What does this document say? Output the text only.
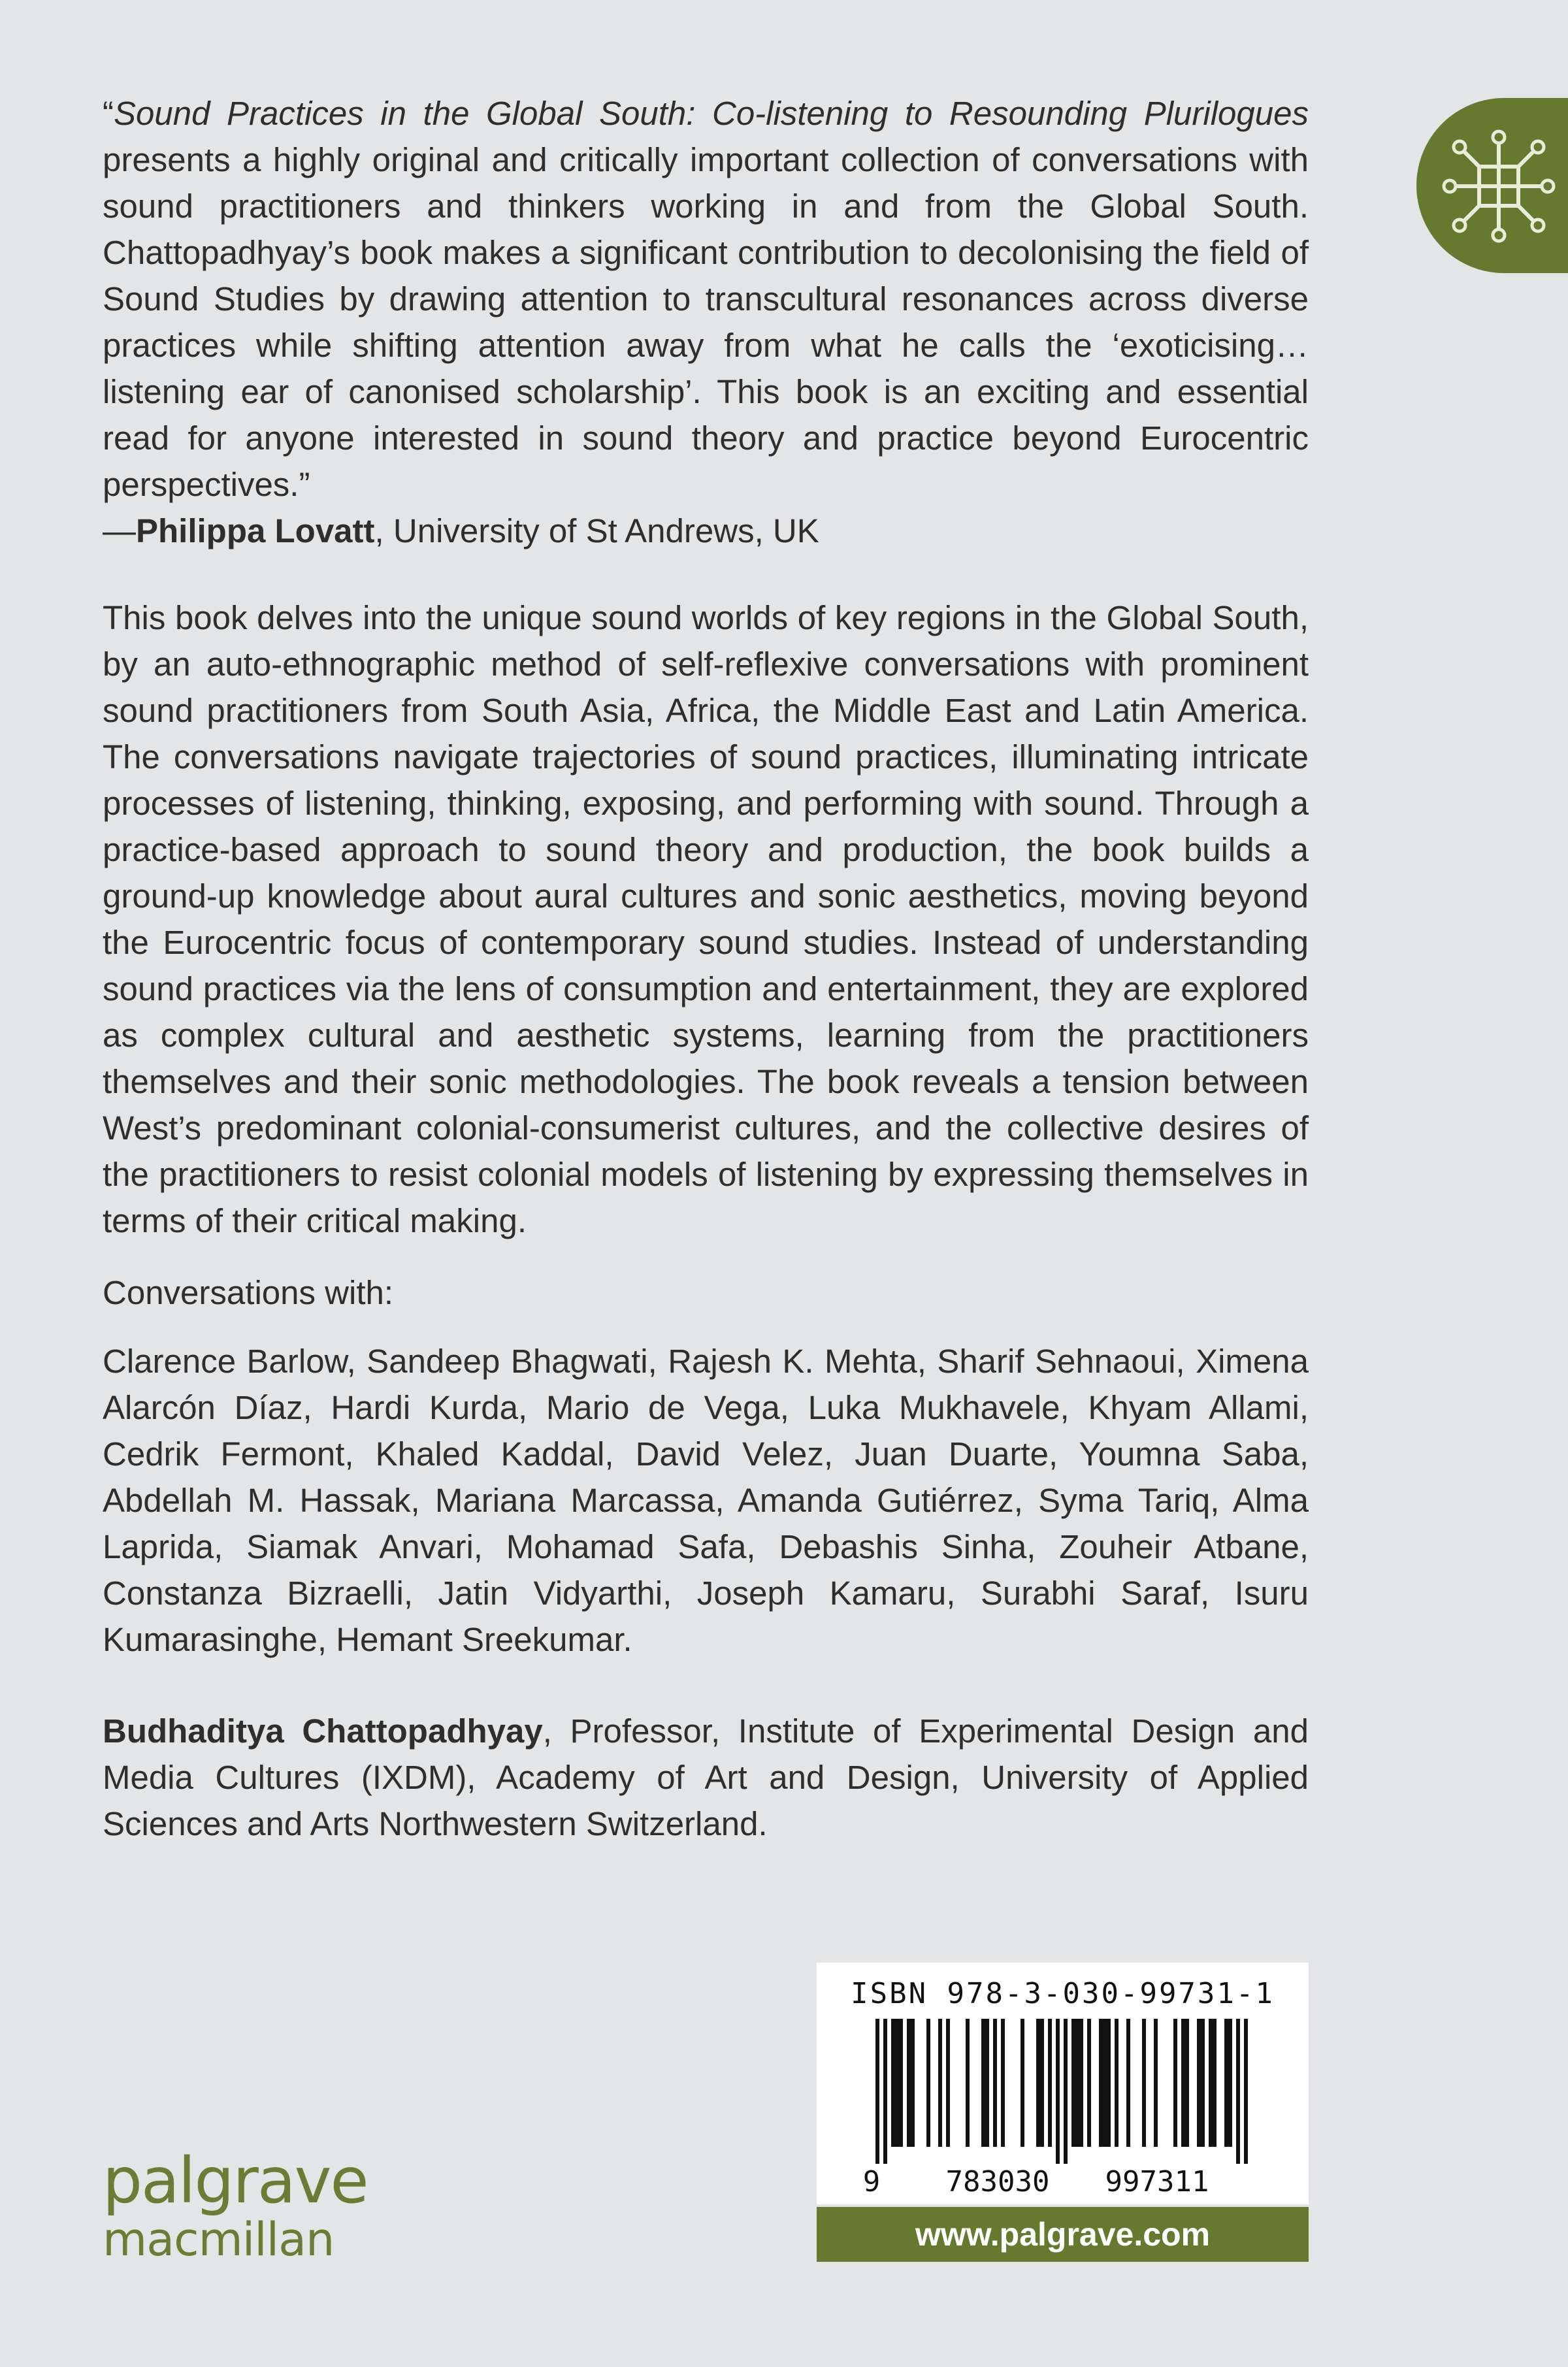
“Sound Practices in the Global South: Co-listening to Resounding Plurilogues presents a highly original and critically important collection of conversations with sound practitioners and thinkers working in and from the Global South. Chattopadhyay’s book makes a significant contribution to decolonising the field of Sound Studies by drawing attention to transcultural resonances across diverse practices while shifting attention away from what he calls the ‘exoticising… listening ear of canonised scholarship’. This book is an exciting and essential read for anyone interested in sound theory and practice beyond Eurocentric perspectives.”

—Philippa Lovatt, University of St Andrews, UK

This book delves into the unique sound worlds of key regions in the Global South, by an auto-ethnographic method of self-reflexive conversations with prominent sound practitioners from South Asia, Africa, the Middle East and Latin America. The conversations navigate trajectories of sound practices, illuminating intricate processes of listening, thinking, exposing, and performing with sound. Through a practice-based approach to sound theory and production, the book builds a ground-up knowledge about aural cultures and sonic aesthetics, moving beyond the Eurocentric focus of contemporary sound studies. Instead of understanding sound practices via the lens of consumption and entertainment, they are explored as complex cultural and aesthetic systems, learning from the practitioners themselves and their sonic methodologies. The book reveals a tension between West’s predominant colonial-consumerist cultures, and the collective desires of the practitioners to resist colonial models of listening by expressing themselves in terms of their critical making.

Conversations with:

Clarence Barlow, Sandeep Bhagwati, Rajesh K. Mehta, Sharif Sehnaoui, Ximena Alarcón Díaz, Hardi Kurda, Mario de Vega, Luka Mukhavele, Khyam Allami, Cedrik Fermont, Khaled Kaddal, David Velez, Juan Duarte, Youmna Saba, Abdellah M. Hassak, Mariana Marcassa, Amanda Gutiérrez, Syma Tariq, Alma Laprida, Siamak Anvari, Mohamad Safa, Debashis Sinha, Zouheir Atbane, Constanza Bizraelli, Jatin Vidyarthi, Joseph Kamaru, Surabhi Saraf, Isuru Kumarasinghe, Hemant Sreekumar.

Budhaditya Chattopadhyay, Professor, Institute of Experimental Design and Media Cultures (IXDM), Academy of Art and Design, University of Applied Sciences and Arts Northwestern Switzerland.

palgrave
macmillan
ISBN 978-3-030-99731-1
9 783030 997311
www.palgrave.com
